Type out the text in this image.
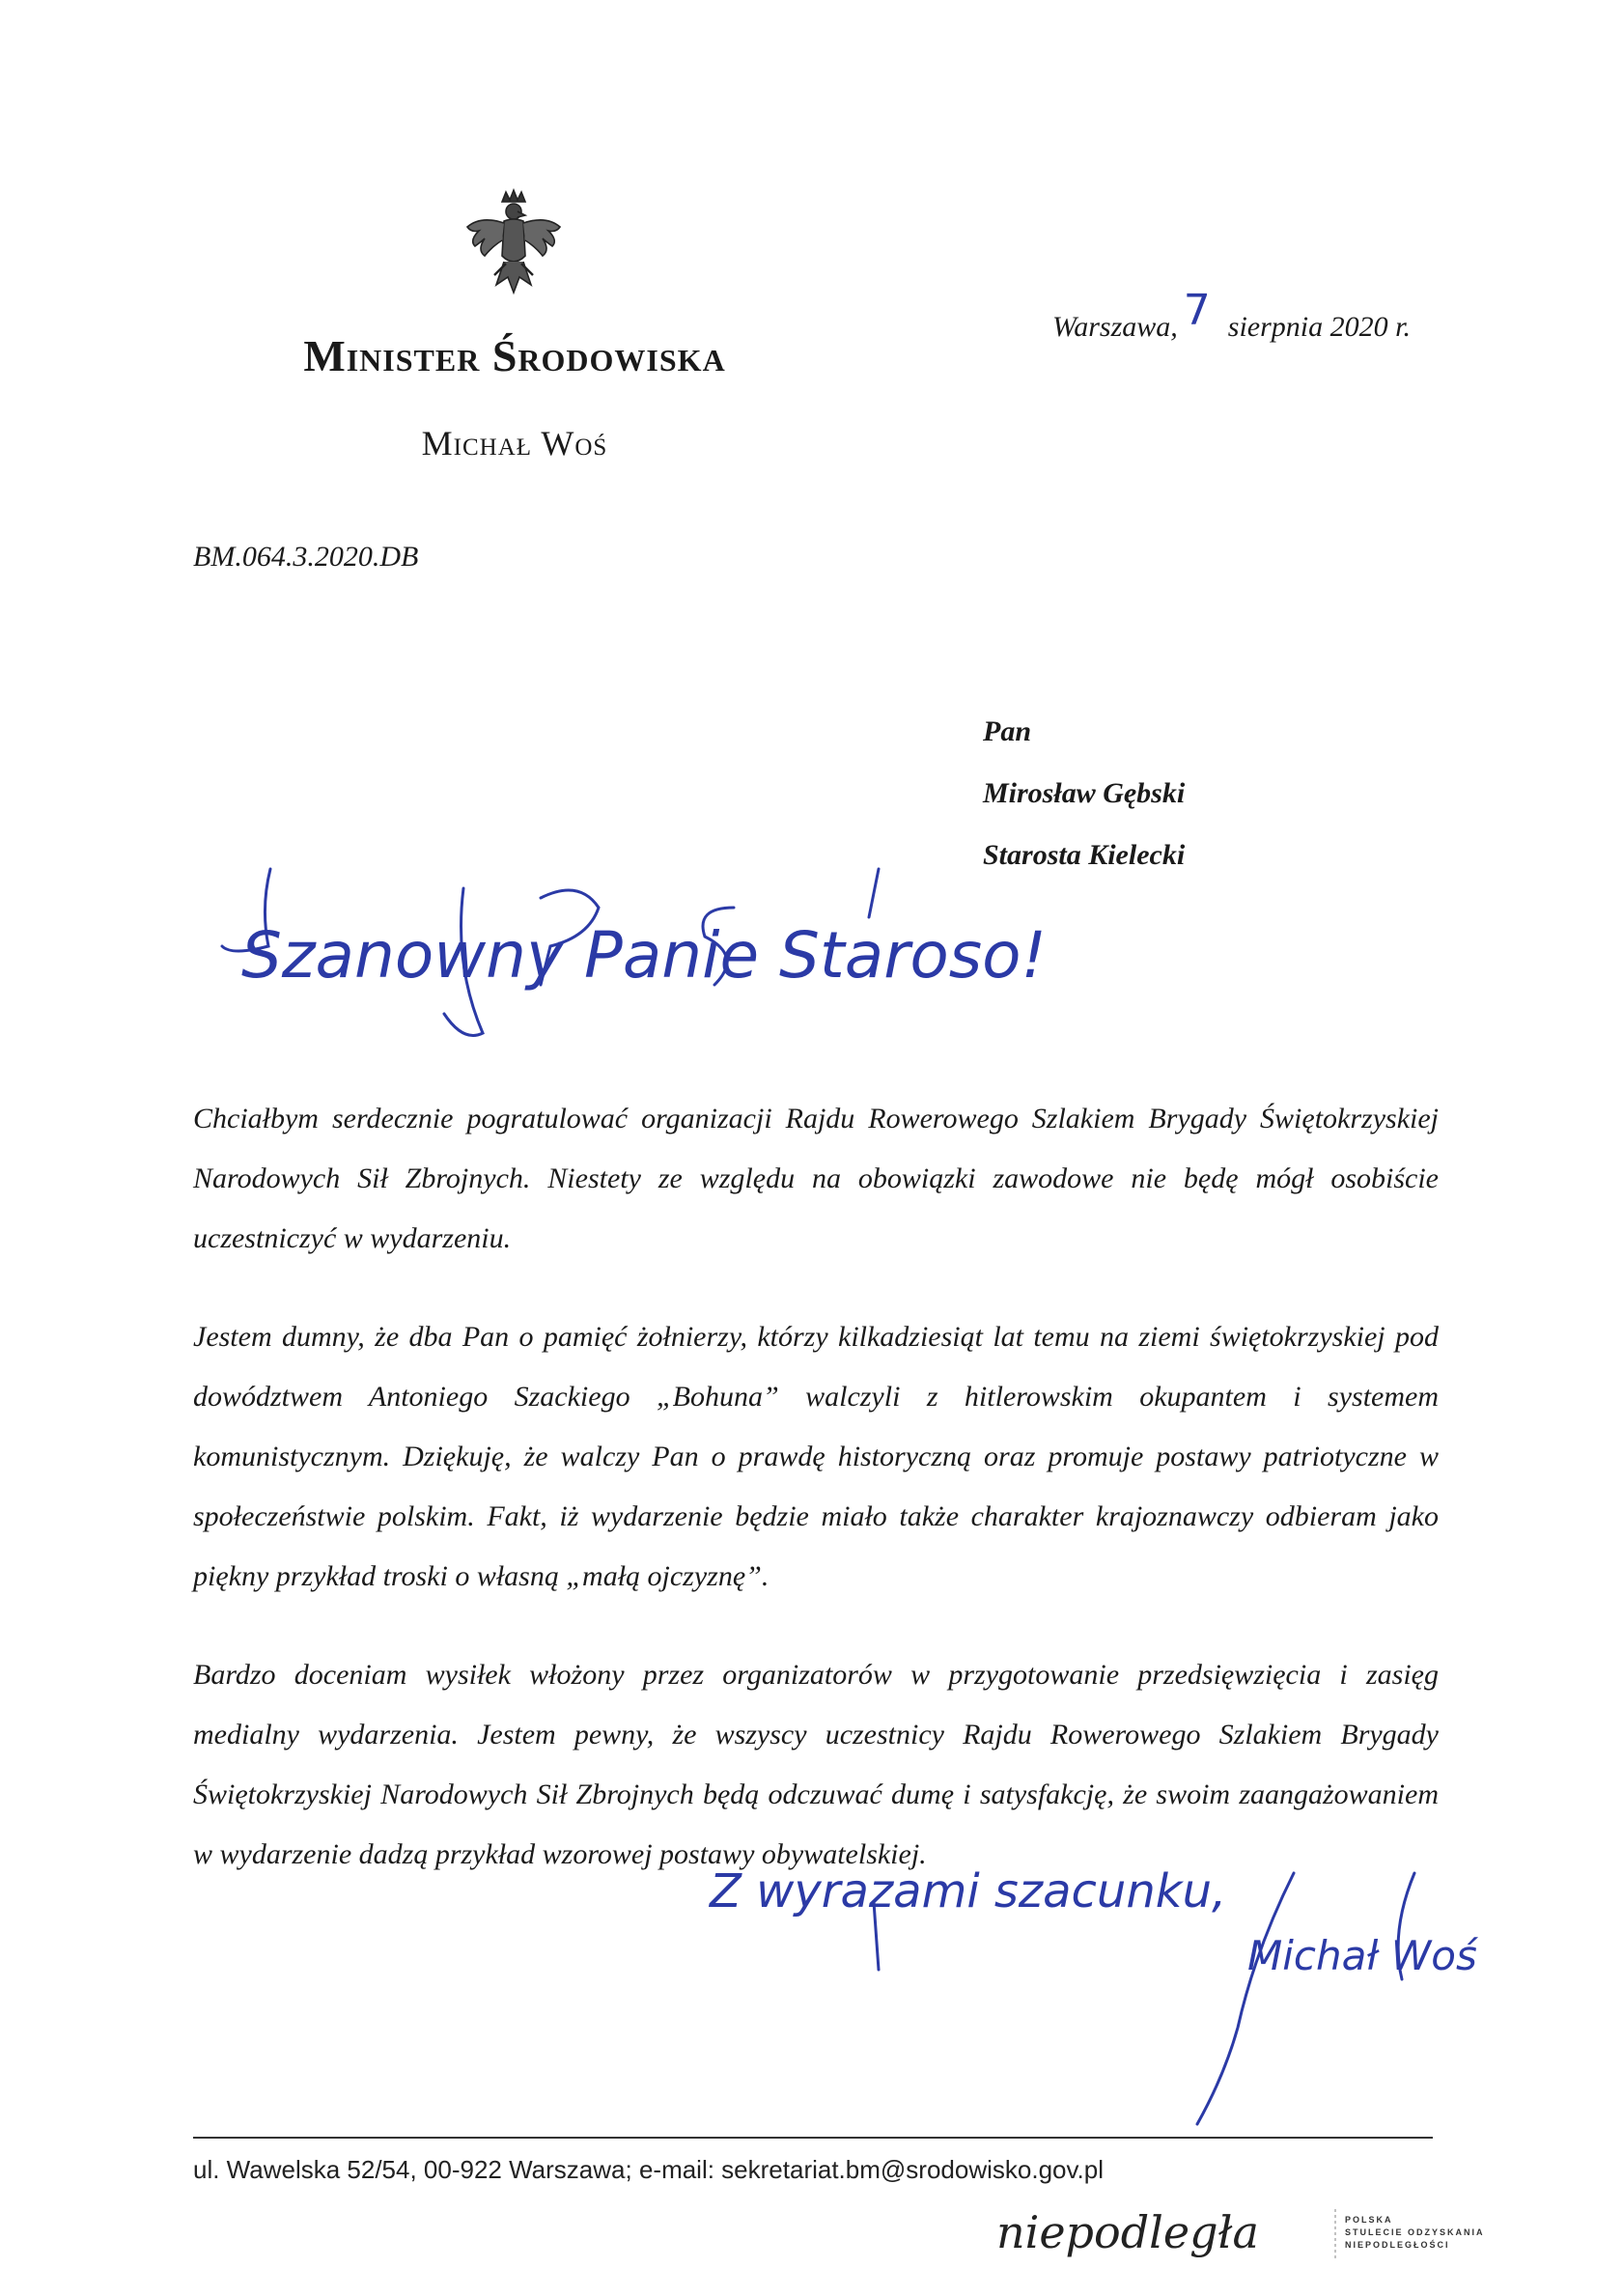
Minister Środowiska
Michał Woś
Warszawa, 7 sierpnia 2020 r.
BM.064.3.2020.DB
Pan
Mirosław Gębski
Starosta Kielecki
Szanowny Panie Staroso!

Chciałbym serdecznie pogratulować organizacji Rajdu Rowerowego Szlakiem Brygady Świętokrzyskiej Narodowych Sił Zbrojnych. Niestety ze względu na obowiązki zawodowe nie będę mógł osobiście uczestniczyć w wydarzeniu.

Jestem dumny, że dba Pan o pamięć żołnierzy, którzy kilkadziesiąt lat temu na ziemi świętokrzyskiej pod dowództwem Antoniego Szackiego „Bohuna” walczyli z hitlerowskim okupantem i systemem komunistycznym. Dziękuję, że walczy Pan o prawdę historyczną oraz promuje postawy patriotyczne w społeczeństwie polskim. Fakt, iż wydarzenie będzie miało także charakter krajoznawczy odbieram jako piękny przykład troski o własną „małą ojczyznę”.

Bardzo doceniam wysiłek włożony przez organizatorów w przygotowanie przedsięwzięcia i zasięg medialny wydarzenia. Jestem pewny, że wszyscy uczestnicy Rajdu Rowerowego Szlakiem Brygady Świętokrzyskiej Narodowych Sił Zbrojnych będą odczuwać dumę i satysfakcję, że swoim zaangażowaniem w wydarzenie dadzą przykład wzorowej postawy obywatelskiej.

Z wyrazami szacunku,
Michał Woś
ul. Wawelska 52/54, 00-922 Warszawa; e-mail: sekretariat.bm@srodowisko.gov.pl
niepodległa	POLSKA
STULECIE ODZYSKANIA
NIEPODLEGŁOŚCI
